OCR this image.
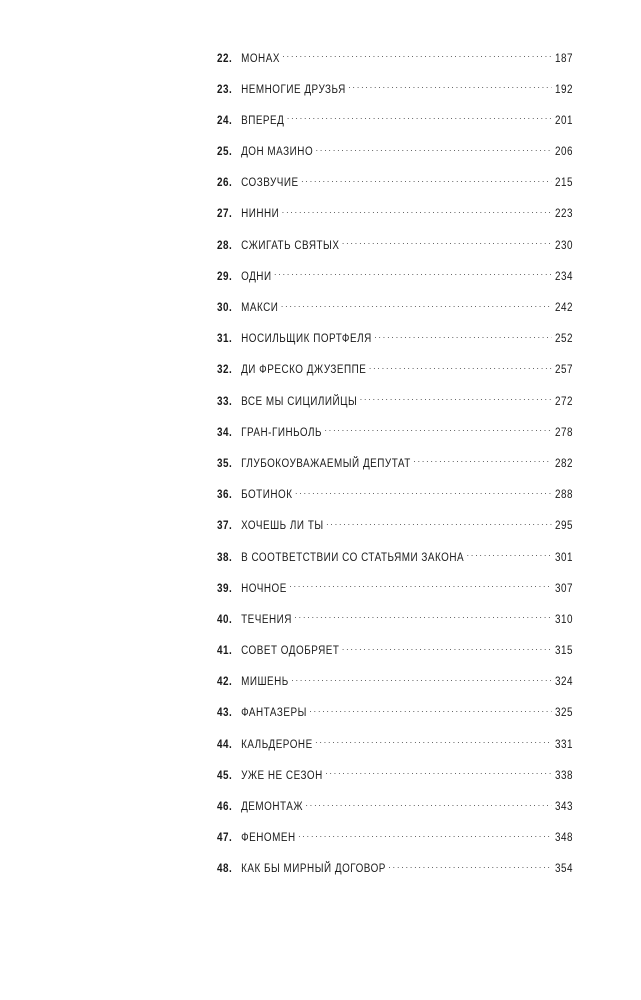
22. МОНАХ . . .	187
23. НЕМНОГИЕ ДРУЗЬЯ . . .	192
24. ВПЕРЕД . . .	201
25. ДОН МАЗИНО . . .	206
26. СОЗВУЧИЕ . . .	215
27. НИННИ . . .	223
28. СЖИГАТЬ СВЯТЫХ . . .	230
29. ОДНИ . . .	234
30. МАКСИ . . .	242
31. НОСИЛЬЩИК ПОРТФЕЛЯ . . .	252
32. ДИ ФРЕСКО ДЖУЗЕППЕ . . .	257
33. ВСЕ МЫ СИЦИЛИЙЦЫ . . .	272
34. ГРАН-ГИНЬОЛЬ . . .	278
35. ГЛУБОКОУВАЖАЕМЫЙ ДЕПУТАТ . . .	282
36. БОТИНОК . . .	288
37. ХОЧЕШЬ ЛИ ТЫ . . .	295
38. В СООТВЕТСТВИИ СО СТАТЬЯМИ ЗАКОНА . . .	301
39. НОЧНОЕ . . .	307
40. ТЕЧЕНИЯ . . .	310
41. СОВЕТ ОДОБРЯЕТ . . .	315
42. МИШЕНЬ . . .	324
43. ФАНТАЗЕРЫ . . .	325
44. КАЛЬДЕРОНЕ . . .	331
45. УЖЕ НЕ СЕЗОН . . .	338
46. ДЕМОНТАЖ . . .	343
47. ФЕНОМЕН . . .	348
48. КАК БЫ МИРНЫЙ ДОГОВОР . . .	354
